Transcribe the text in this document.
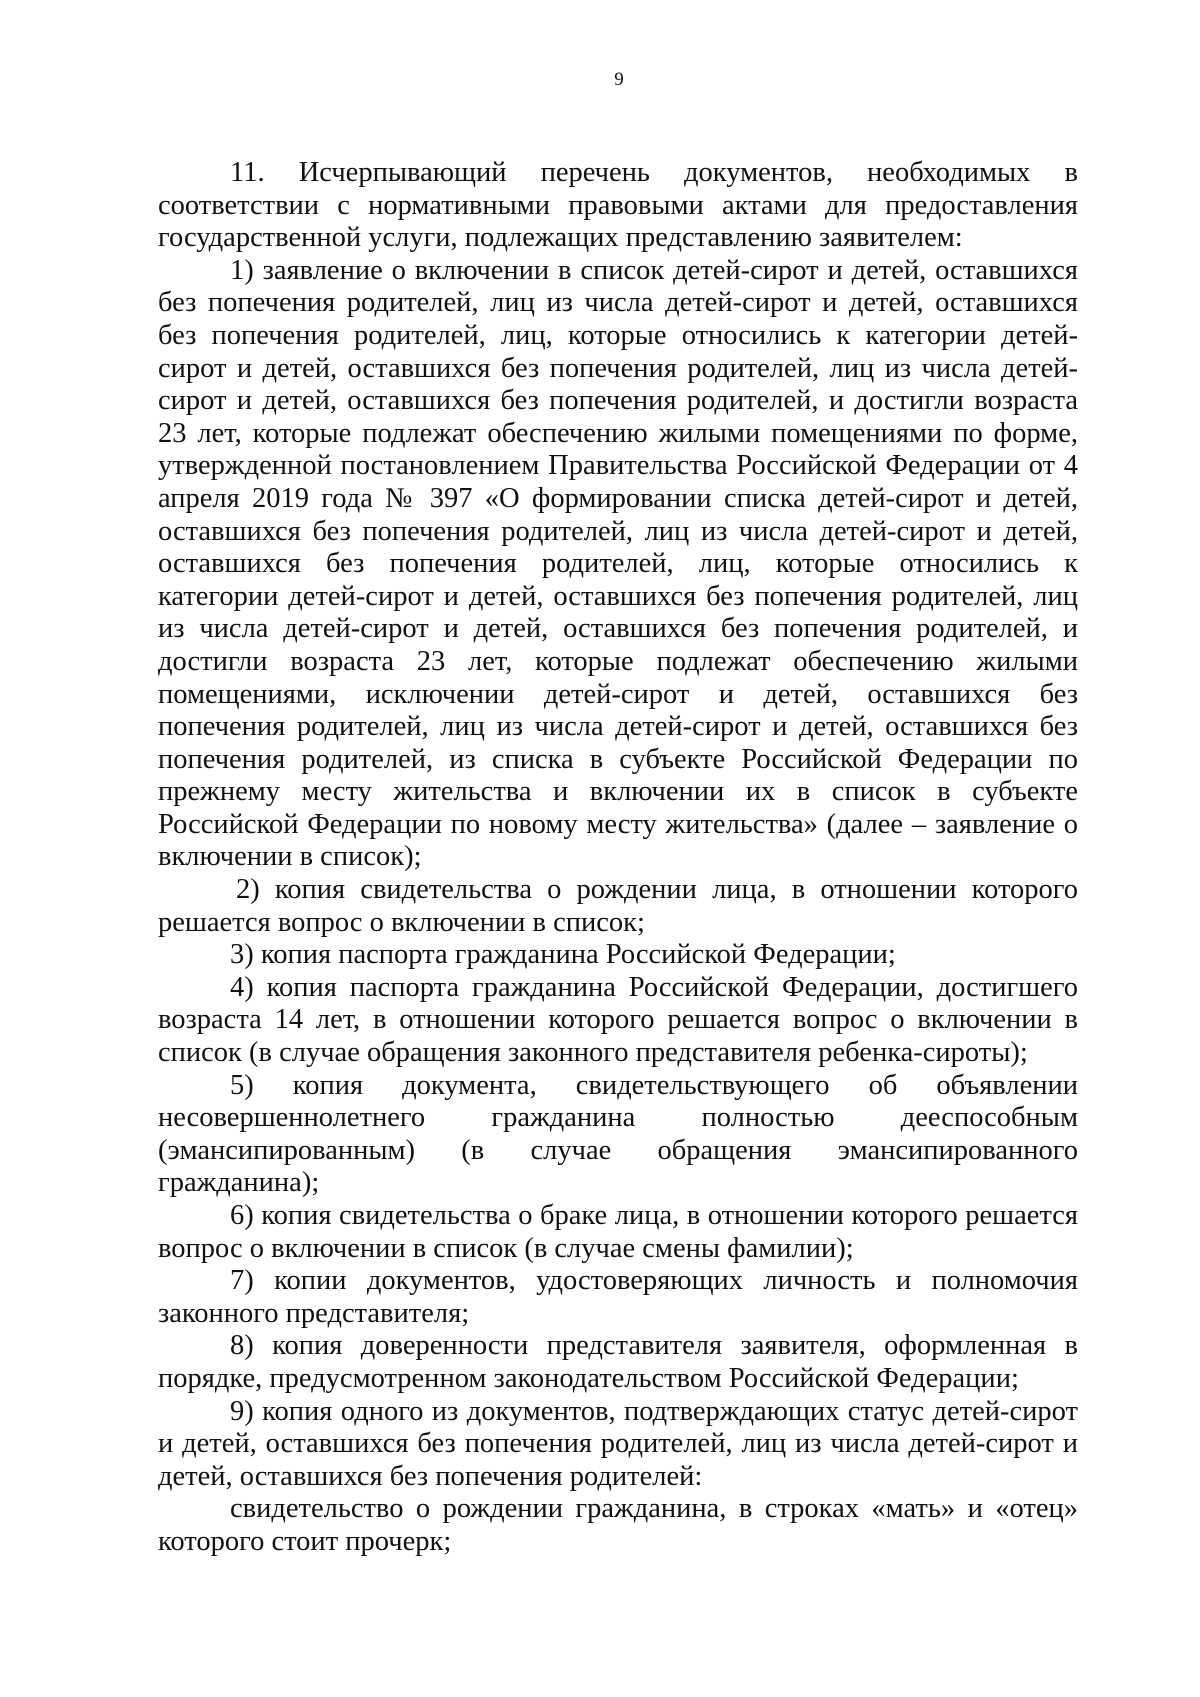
9

11. Исчерпывающий перечень документов, необходимых в соответствии с нормативными правовыми актами для предоставления государственной услуги, подлежащих представлению заявителем:

1) заявление о включении в список детей-сирот и детей, оставшихся без попечения родителей, лиц из числа детей-сирот и детей, оставшихся без попечения родителей, лиц, которые относились к категории детей-сирот и детей, оставшихся без попечения родителей, лиц из числа детей-сирот и детей, оставшихся без попечения родителей, и достигли возраста 23 лет, которые подлежат обеспечению жилыми помещениями по форме, утвержденной постановлением Правительства Российской Федерации от 4 апреля 2019 года № 397 «О формировании списка детей-сирот и детей, оставшихся без попечения родителей, лиц из числа детей-сирот и детей, оставшихся без попечения родителей, лиц, которые относились к категории детей-сирот и детей, оставшихся без попечения родителей, лиц из числа детей-сирот и детей, оставшихся без попечения родителей, и достигли возраста 23 лет, которые подлежат обеспечению жилыми помещениями, исключении детей-сирот и детей, оставшихся без попечения родителей, лиц из числа детей-сирот и детей, оставшихся без попечения родителей, из списка в субъекте Российской Федерации по прежнему месту жительства и включении их в список в субъекте Российской Федерации по новому месту жительства» (далее – заявление о включении в список);

2) копия свидетельства о рождении лица, в отношении которого решается вопрос о включении в список;

3) копия паспорта гражданина Российской Федерации;

4) копия паспорта гражданина Российской Федерации, достигшего возраста 14 лет, в отношении которого решается вопрос о включении в список (в случае обращения законного представителя ребенка-сироты);

5) копия документа, свидетельствующего об объявлении несовершеннолетнего гражданина полностью дееспособным (эмансипированным) (в случае обращения эмансипированного гражданина);

6) копия свидетельства о браке лица, в отношении которого решается вопрос о включении в список (в случае смены фамилии);

7) копии документов, удостоверяющих личность и полномочия законного представителя;

8) копия доверенности представителя заявителя, оформленная в порядке, предусмотренном законодательством Российской Федерации;

9) копия одного из документов, подтверждающих статус детей-сирот и детей, оставшихся без попечения родителей, лиц из числа детей-сирот и детей, оставшихся без попечения родителей:

свидетельство о рождении гражданина, в строках «мать» и «отец» которого стоит прочерк;
